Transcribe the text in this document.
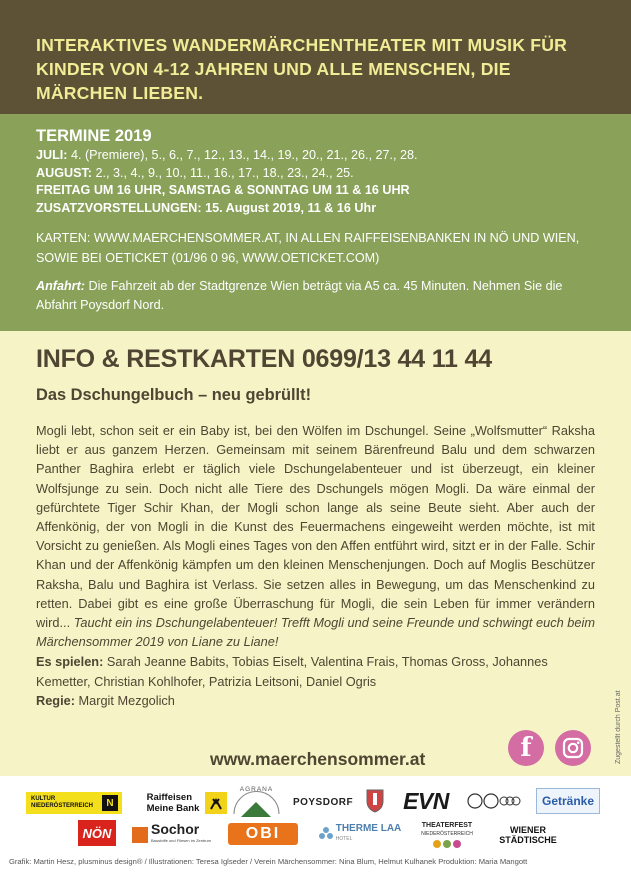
INTERAKTIVES WANDERMÄRCHENTHEATER MIT MUSIK FÜR KINDER VON 4-12 JAHREN UND ALLE MENSCHEN, DIE MÄRCHEN LIEBEN.
TERMINE 2019
JULI: 4. (Premiere), 5., 6., 7., 12., 13., 14., 19., 20., 21., 26., 27., 28.
AUGUST: 2., 3., 4., 9., 10., 11., 16., 17., 18., 23., 24., 25.
FREITAG UM 16 UHR, SAMSTAG & SONNTAG UM 11 & 16 UHR
ZUSATZVORSTELLUNGEN: 15. August 2019, 11 & 16 Uhr
KARTEN: WWW.MAERCHENSOMMER.AT, IN ALLEN RAIFFEISENBANKEN IN NÖ UND WIEN, SOWIE BEI OETICKET (01/96 0 96, WWW.OETICKET.COM)
Anfahrt: Die Fahrzeit ab der Stadtgrenze Wien beträgt via A5 ca. 45 Minuten. Nehmen Sie die Abfahrt Poysdorf Nord.
INFO & RESTKARTEN 0699/13 44 11 44
Das Dschungelbuch – neu gebrüllt!
Mogli lebt, schon seit er ein Baby ist, bei den Wölfen im Dschungel. Seine „Wolfsmutter“ Raksha liebt er aus ganzem Herzen. Gemeinsam mit seinem Bärenfreund Balu und dem schwarzen Panther Baghira erlebt er täglich viele Dschungelabenteuer und ist überzeugt, ein kleiner Wolfsjunge zu sein. Doch nicht alle Tiere des Dschungels mögen Mogli. Da wäre einmal der gefürchtete Tiger Schir Khan, der Mogli schon lange als seine Beute sieht. Aber auch der Affenkönig, der von Mogli in die Kunst des Feuermachens eingeweiht werden möchte, ist mit Vorsicht zu genießen. Als Mogli eines Tages von den Affen entführt wird, sitzt er in der Falle. Schir Khan und der Affenkönig kämpfen um den kleinen Menschenjungen. Doch auf Moglis Beschützer Raksha, Balu und Baghira ist Verlass. Sie setzen alles in Bewegung, um das Menschenkind zu retten. Dabei gibt es eine große Überraschung für Mogli, die sein Leben für immer verändern wird... Taucht ein ins Dschungelabenteuer! Trefft Mogli und seine Freunde und schwingt euch beim Märchensommer 2019 von Liane zu Liane!
Es spielen: Sarah Jeanne Babits, Tobias Eiselt, Valentina Frais, Thomas Gross, Johannes Kemetter, Christian Kohlhofer, Patrizia Leitsoni, Daniel Ogris
Regie: Margit Mezgolich
www.maerchensommer.at	f	Zugestellt durch Post.at
KULTUR NIEDERÖSTERREICH	N	Raiffeisen
Meine Bank
AGRANA
POYSDORF EVN	Getränke
NÖN	Sochor
Baustoffe und Fliesen im Zentrum OBI	THERME LAA
HOTEL
THEATERFEST
NIEDERÖSTERREICH	WIENER
STÄDTISCHE
Grafik: Martin Hesz, plusminus design® / Illustrationen: Teresa Iglseder / Verein Märchensommer: Nina Blum, Helmut Kulhanek Produktion: Maria Mangott
